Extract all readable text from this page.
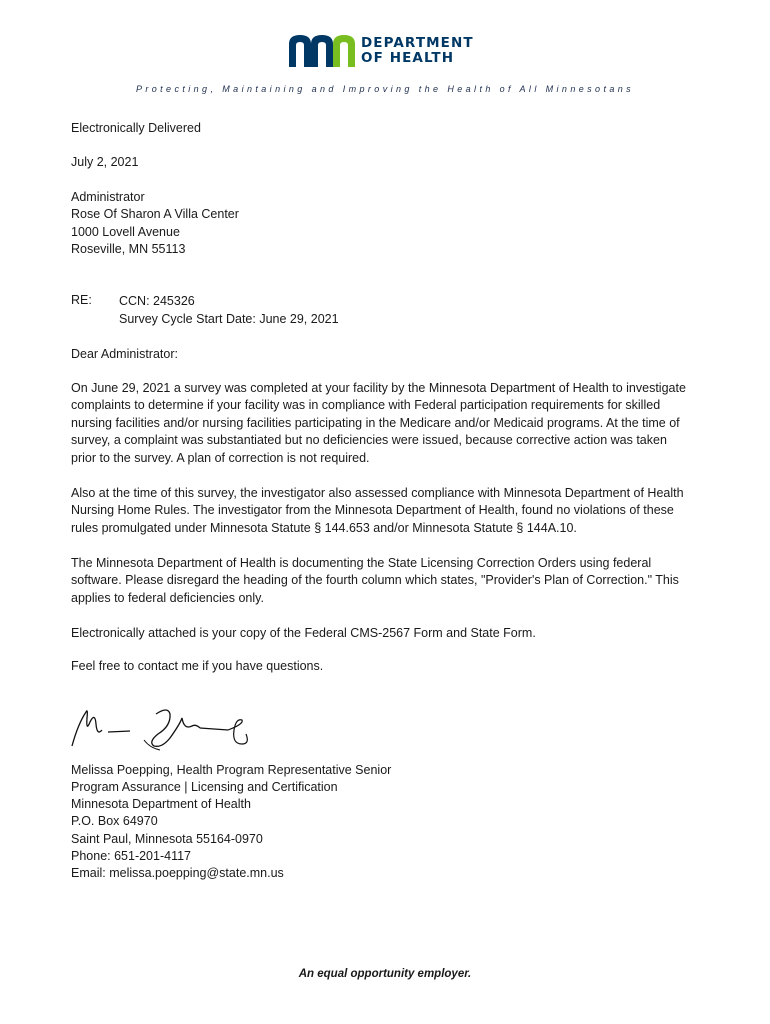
DEPARTMENT
OF HEALTH
Protecting, Maintaining and Improving the Health of All Minnesotans
Electronically Delivered
July 2, 2021
Administrator
Rose Of Sharon A Villa Center
1000 Lovell Avenue
Roseville, MN 55113
RE: CCN: 245326
Survey Cycle Start Date: June 29, 2021
Dear Administrator:

On June 29, 2021 a survey was completed at your facility by the Minnesota Department of Health to investigate complaints to determine if your facility was in compliance with Federal participation requirements for skilled nursing facilities and/or nursing facilities participating in the Medicare and/or Medicaid programs. At the time of survey, a complaint was substantiated but no deficiencies were issued, because corrective action was taken prior to the survey. A plan of correction is not required.

Also at the time of this survey, the investigator also assessed compliance with Minnesota Department of Health Nursing Home Rules. The investigator from the Minnesota Department of Health, found no violations of these rules promulgated under Minnesota Statute § 144.653 and/or Minnesota Statute § 144A.10.

The Minnesota Department of Health is documenting the State Licensing Correction Orders using federal software. Please disregard the heading of the fourth column which states, "Provider's Plan of Correction." This applies to federal deficiencies only.

Electronically attached is your copy of the Federal CMS-2567 Form and State Form.

Feel free to contact me if you have questions.

Melissa Poepping, Health Program Representative Senior
Program Assurance | Licensing and Certification
Minnesota Department of Health
P.O. Box 64970
Saint Paul, Minnesota 55164-0970
Phone: 651-201-4117
Email: melissa.poepping@state.mn.us
An equal opportunity employer.
